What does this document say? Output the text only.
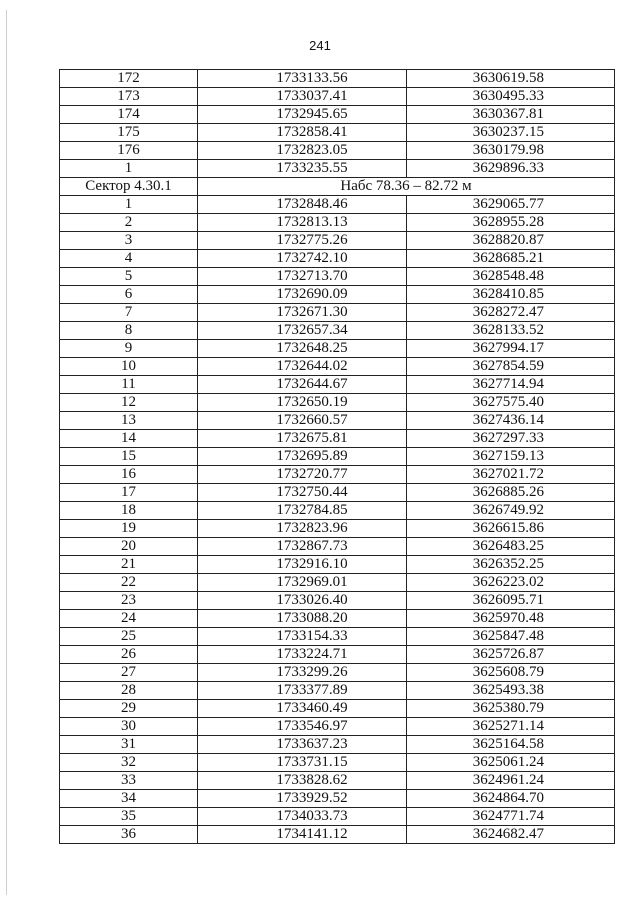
241
172	1733133.56	3630619.58
173	1733037.41	3630495.33
174	1732945.65	3630367.81
175	1732858.41	3630237.15
176	1732823.05	3630179.98
1	1733235.55	3629896.33
Сектор 4.30.1	Набс 78.36 – 82.72 м	
1	1732848.46	3629065.77
2	1732813.13	3628955.28
3	1732775.26	3628820.87
4	1732742.10	3628685.21
5	1732713.70	3628548.48
6	1732690.09	3628410.85
7	1732671.30	3628272.47
8	1732657.34	3628133.52
9	1732648.25	3627994.17
10	1732644.02	3627854.59
11	1732644.67	3627714.94
12	1732650.19	3627575.40
13	1732660.57	3627436.14
14	1732675.81	3627297.33
15	1732695.89	3627159.13
16	1732720.77	3627021.72
17	1732750.44	3626885.26
18	1732784.85	3626749.92
19	1732823.96	3626615.86
20	1732867.73	3626483.25
21	1732916.10	3626352.25
22	1732969.01	3626223.02
23	1733026.40	3626095.71
24	1733088.20	3625970.48
25	1733154.33	3625847.48
26	1733224.71	3625726.87
27	1733299.26	3625608.79
28	1733377.89	3625493.38
29	1733460.49	3625380.79
30	1733546.97	3625271.14
31	1733637.23	3625164.58
32	1733731.15	3625061.24
33	1733828.62	3624961.24
34	1733929.52	3624864.70
35	1734033.73	3624771.74
36	1734141.12	3624682.47
